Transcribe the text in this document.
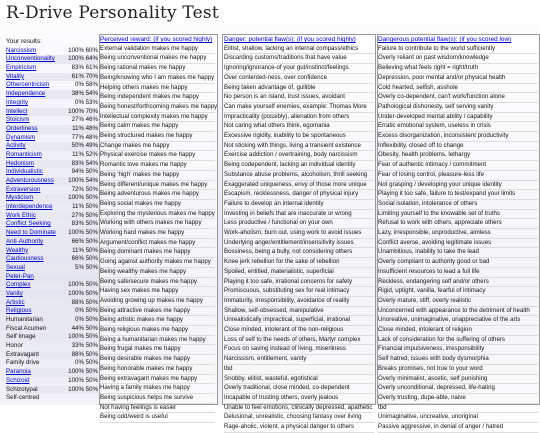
R-Drive Personality Test
Your results:
Narcissism	100% 60%
Unconventionality 100% 64%
Empiricism	83% 61%
Vitality	61% 70%
Othercentricism	0% 58%
Independence	38% 54%
Integrity	0% 53%
Intellect	100% 70%
Stoicism	27% 46%
Orderliness	11% 48%
Dynamism	77% 48%
Activity	50% 49%
Romanticism	11% 52%
Hedonism	83% 54%
Individualistic	94% 50%
Adventurousness 100% 54%
Extraversion	72% 50%
Mysticism	100% 50%
Interdependence	11% 50%
Work Ethic	27% 50%
Conflict Seeking	83% 50%
Need to Dominate 100% 50%
Anti-Authority	66% 50%
Wealthy	11% 50%
Cautiousness	66% 50%
Sexual	5% 50%
Peter-Pan
Complex	100% 50%
Vanity	100% 50%
Artistic	88% 50%
Religious	0% 50%
Humanitarian	0% 50%
Fiscal Acumen	44% 50%
Self Image	100% 50%
Honor	33% 50%
Extravagant	88% 50%
Family drive	0% 50%
Paranoia	100% 50%
Schizoid	100% 50%
Schizotypal	100% 50%
Self-centred
Perceived reward: (if you scored highly)
External validation makes me happy
Being unconventional makes me happy
Being rational makes me happy
Being/knowing who I am makes me happy
Helping others makes me happy
Being independent makes me happy
Being honest/forthcoming makes me happy
Intellectual complexity makes me happy
Being calm makes me happy
Being structured makes me happy
Change makes me happy
Physical exercise makes me happy
Romantic love makes me happy
Being 'high' makes me happy
Being different/unique makes me happy
Being adventurous makes me happy
Being social makes me happy
Exploring the mysterious makes me happy
Working with others makes me happy
Working hard makes me happy
Argument/conflict makes me happy
Being dominant makes me happy
Going against authority makes me happy
Being wealthy makes me happy
Being safe/secure makes me happy
Having sex makes me happy
Avoiding growing up makes me happy
Being attractive makes me happy
Being artistic makes me happy
Being religious makes me happy
Being a humanitarian makes me happy
Being frugal makes me happy
Being desirable makes me happy
Being honorable makes me happy
Being extravagant makes me happy
Having a family makes me happy
Being suspicious helps me survive
Not having feelings is easier
Being odd/weird is useful
Danger: potential flaw(s): (if you scored highly)
Elitist, shallow, lacking an internal compass/ethics
Discarding customs/traditions that have value
Ignoring/ignorance-of your gut/instinct/feelings
Over contented-ness, over confidence
Being taken advantage of, gullible
No person is an island, trust issues, avoidant
Can make yourself enemies, example: Thomas More
Impracticality (possibly), alienation from others
Not caring what others think, egomania
Excessive rigidity, inability to be spontaneous
Not sticking with things, living a transient existence
Exercise addiction / overtraining, body narcissism
Being codependent, lacking an individual identity
Substance abuse problems, alcoholism, thrill seeking
Exaggerated uniqueness, envy of those more unique
Escapism, recklessness, danger of physical injury
Failure to develop an internal identity
Investing in beliefs that are inaccurate or wrong
Less productive / functional on your own
Work-aholism, burn out, using work to avoid issues
Underlying anger/entitlement/insensitivity issues
Bossiness, being a bully, not considering others
Knee jerk rebellion for the sake of rebellion
Spoiled, entitled, materialistic, superficial
Playing it too safe, irrational concerns for safety
Promiscuous, substituting sex for real intimacy
Immaturity, irresponsibility, avoidance of reality
Shallow, self-obsessed, manipulative
Unrealistically impractical, superficial, irrational
Close minded, intolerant of the non-religious
Loss of self to the needs of others, Martyr complex
Focus on saving instead of living, miserliness
Narcissism, entitlement, vanity
tbd
Snobby, elitist, wasteful, egotistical
Overly traditional, close minded, co-dependent
Incapable of trusting others, overly jealous
Unable to feel emotions, clinically depressed, apathetic
Delusional, unrealistic, choosing fantasy over living
Rage-aholic, violent, a physical danger to others
Dangerous potential flaw(s): (if you scored low)
Failure to contribute to the world sufficiently
Overly reliant on past wisdom/knowledge
Believing what feels right = right/truth
Depression, poor mental and/or physical health
Cold hearted, selfish, asshole
Overly co-dependent, can't work/function alone
Pathological dishonesty, self serving vanity
Under-developed mental ability / capability
Erratic emotional system, useless in crisis
Excess disorganization, inconsistent productivity
Inflexibility, closed off to change
Obesity, health problems, lethargy
Fear of authentic intimacy / commitment
Fear of losing control, pleasure-less life
Not grasping / developing your unique identity
Playing it too safe, failure to test/expand your limits
Social isolation, intolerance of others
Limiting yourself to the knowable set of truths
Refusal to work with others, appreciate others
Lazy, irresponsible, unproductive, aimless
Conflict averse, avoiding legitimate issues
Unambitious, inability to take the lead
Overly compliant to authority good or bad
Insufficient resources to lead a full life
Reckless, endangering self and/or others
Rigid, uptight, vanilla, fearful of intimacy
Overly mature, stiff, overly realistic
Unconcerned with appearance to the detriment of health
Unoreative, unimaginative, unappreciative of the arts
Close minded, intolerant of religion
Lack of consideration for the suffering of others
Financial impulsiveness, irresponsibility
Self hatred, issues with body dysmorphia
Breaks promises, not true to your word
Overly minimalist, ascetic, self punishing
Overly unconditional, depressed, life-hating
Overly trusting, dupe-able, naive
tbd
Unimaginative, uncreative, unoriginal
Passive aggressive, in denial of anger / hatred
